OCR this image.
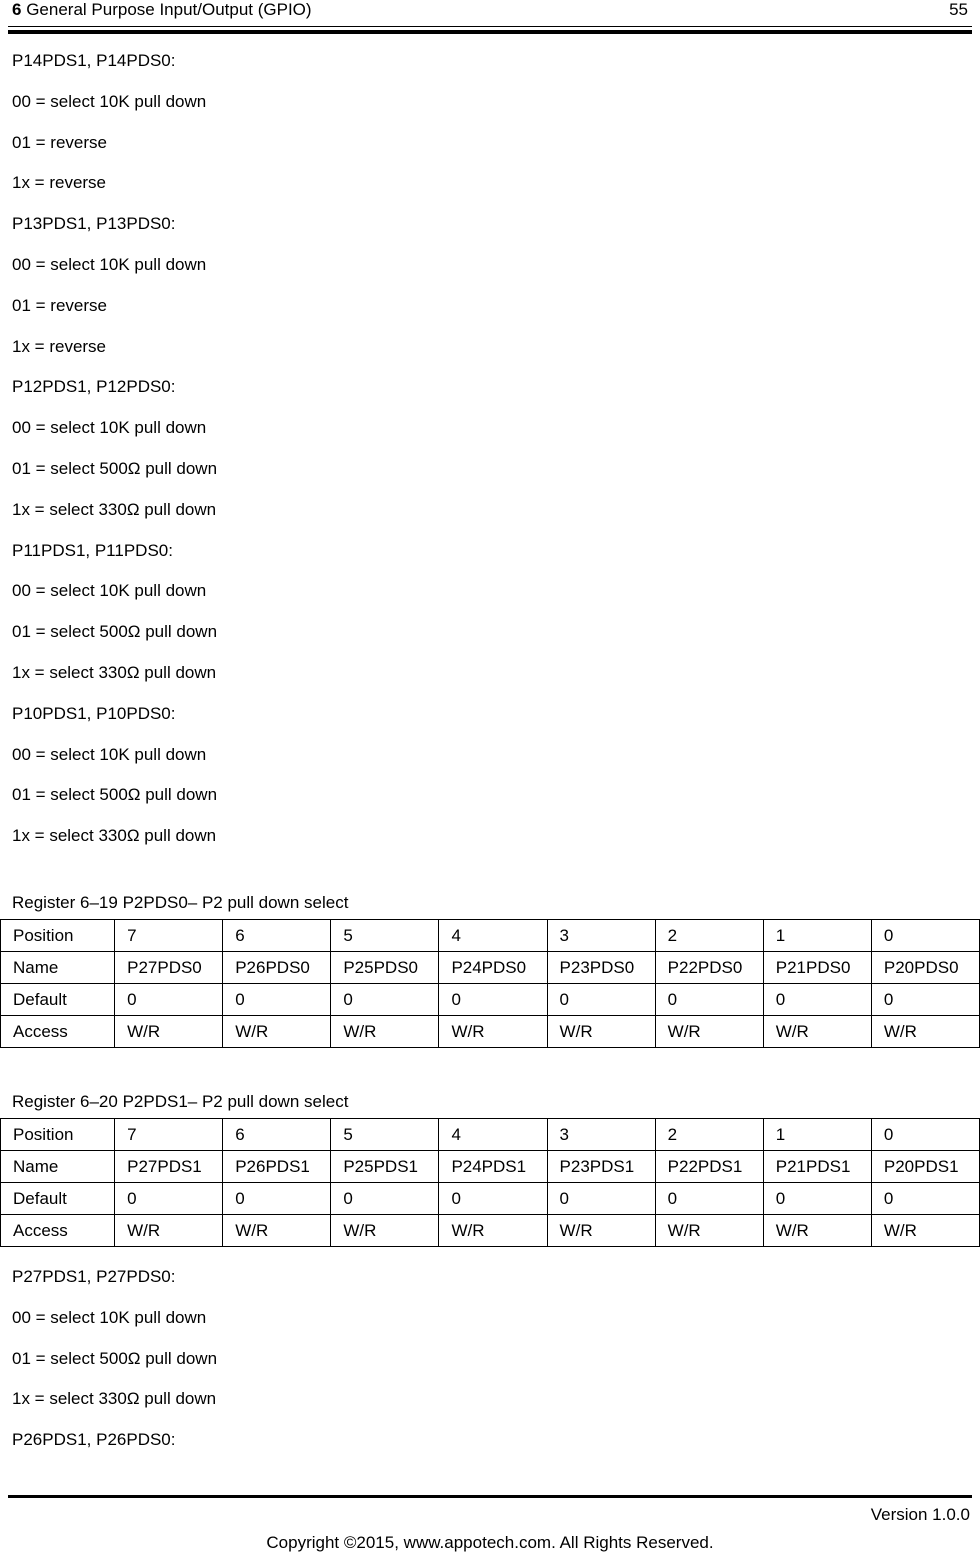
6 General Purpose Input/Output (GPIO)	55
P14PDS1, P14PDS0:
00 = select 10K pull down
01 = reverse
1x = reverse
P13PDS1, P13PDS0:
00 = select 10K pull down
01 = reverse
1x = reverse
P12PDS1, P12PDS0:
00 = select 10K pull down
01 = select 500Ω pull down
1x = select 330Ω pull down
P11PDS1, P11PDS0:
00 = select 10K pull down
01 = select 500Ω pull down
1x = select 330Ω pull down
P10PDS1, P10PDS0:
00 = select 10K pull down
01 = select 500Ω pull down
1x = select 330Ω pull down
Register 6–19 P2PDS0– P2 pull down select
Position	7	6	5	4	3	2	1	0
Name	P27PDS0	P26PDS0	P25PDS0	P24PDS0	P23PDS0	P22PDS0	P21PDS0	P20PDS0
Default	0	0	0	0	0	0	0	0
Access	W/R	W/R	W/R	W/R	W/R	W/R	W/R	W/R
Register 6–20 P2PDS1– P2 pull down select
Position	7	6	5	4	3	2	1	0
Name	P27PDS1	P26PDS1	P25PDS1	P24PDS1	P23PDS1	P22PDS1	P21PDS1	P20PDS1
Default	0	0	0	0	0	0	0	0
Access	W/R	W/R	W/R	W/R	W/R	W/R	W/R	W/R
P27PDS1, P27PDS0:
00 = select 10K pull down
01 = select 500Ω pull down
1x = select 330Ω pull down
P26PDS1, P26PDS0:
Version 1.0.0
Copyright ©2015, www.appotech.com. All Rights Reserved.
